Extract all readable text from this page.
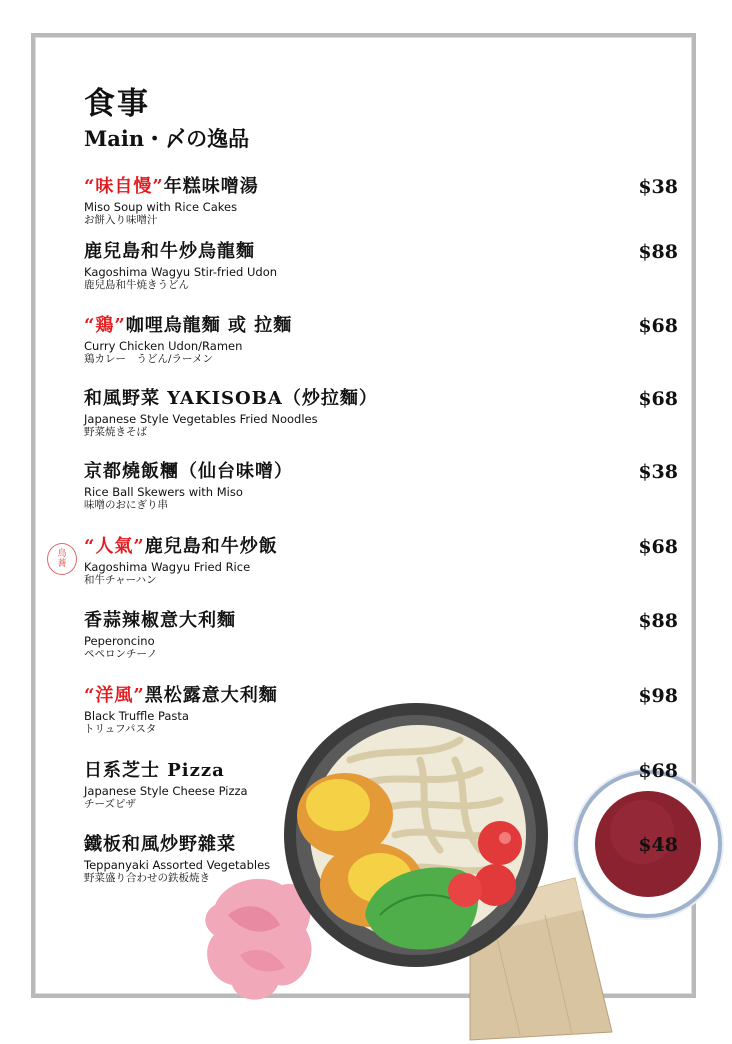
食事
Main・〆の逸品
鳥
蕎
“味自慢”年糕味噌湯
Miso Soup with Rice Cakes
お餅入り味噌汁
$38
鹿兒島和牛炒烏龍麵
Kagoshima Wagyu Stir-fried Udon
鹿兒島和牛焼きうどん
$88
“鶏”咖哩烏龍麵 或 拉麵
Curry Chicken Udon/Ramen
鶏カレー　うどん/ラーメン
$68
和風野菜 YAKISOBA（炒拉麵）
Japanese Style Vegetables Fried Noodles
野菜焼きそば
$68
京都燒飯糰（仙台味噌）
Rice Ball Skewers with Miso
味噌のおにぎり串
$38
“人氣”鹿兒島和牛炒飯
Kagoshima Wagyu Fried Rice
和牛チャーハン
$68
香蒜辣椒意大利麵
Peperoncino
ペペロンチーノ
$88
“洋風”黑松露意大利麵
Black Truffle Pasta
トリュフパスタ
$98
日系芝士 Pizza
Japanese Style Cheese Pizza
チーズピザ
$68
鐵板和風炒野雜菜
Teppanyaki Assorted Vegetables
野菜盛り合わせの鉄板焼き
$48
